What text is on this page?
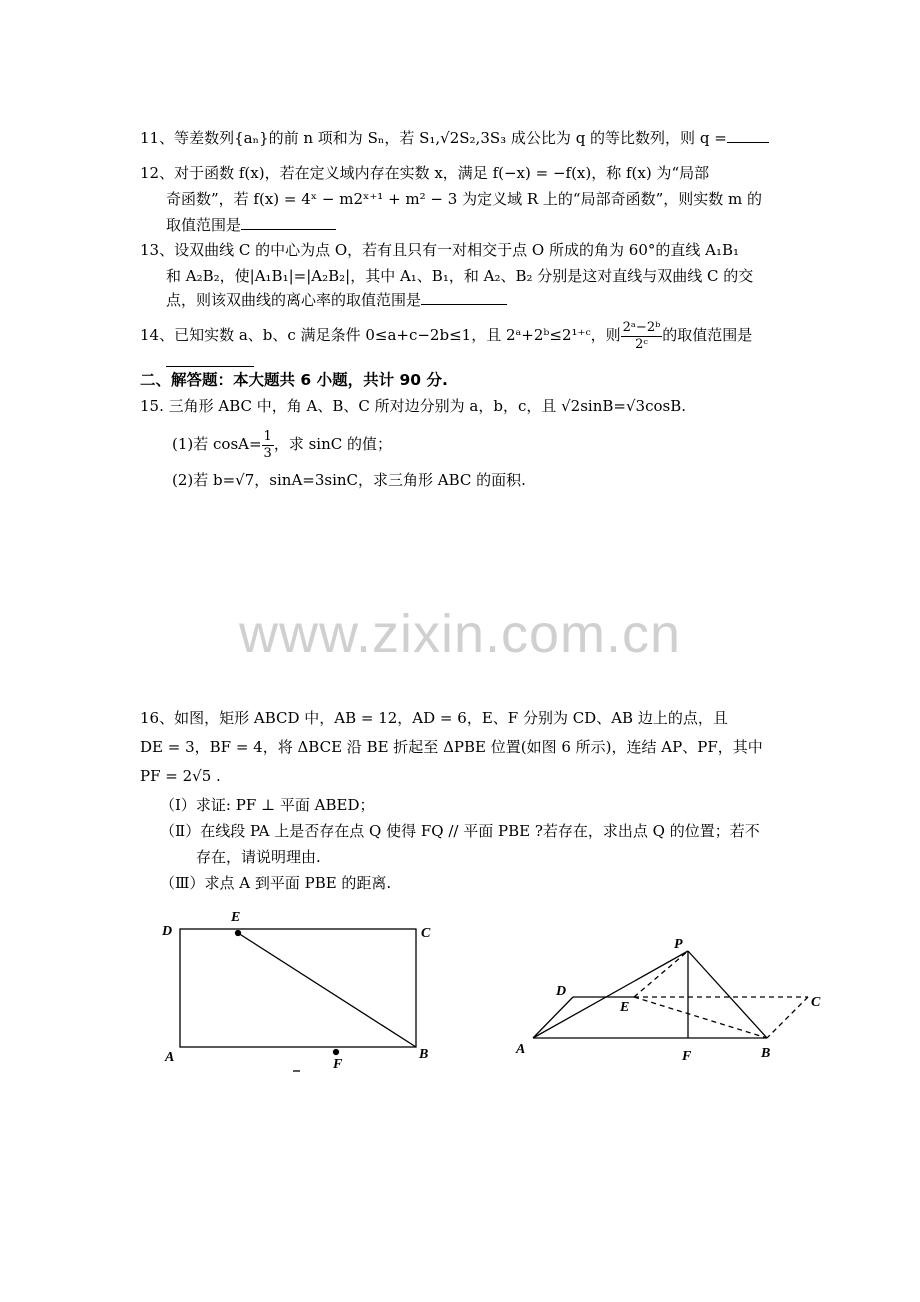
11、等差数列{aₙ}的前 n 项和为 Sₙ，若 S₁,√2S₂,3S₃ 成公比为 q 的等比数列，则 q =
12、对于函数 f(x)，若在定义域内存在实数 x，满足 f(−x) = −f(x)，称 f(x) 为“局部
奇函数”，若 f(x) = 4ˣ − m2ˣ⁺¹ + m² − 3 为定义域 R 上的“局部奇函数”，则实数 m 的
取值范围是
13、设双曲线 C 的中心为点 O，若有且只有一对相交于点 O 所成的角为 60°的直线 A₁B₁
和 A₂B₂，使|A₁B₁|=|A₂B₂|，其中 A₁、B₁，和 A₂、B₂ 分别是这对直线与双曲线 C 的交
点，则该双曲线的离心率的取值范围是
14、已知实数 a、b、c 满足条件 0≤a+c−2b≤1，且 2ᵃ+2ᵇ≤2¹⁺ᶜ，则 $\frac{\text{2ᵃ−2ᵇ}}{\text{2ᶜ}}$ 的取值范围是
二、解答题：本大题共 6 小题，共计 90 分.
15. 三角形 ABC 中，角 A、B、C 所对边分别为 a，b，c，且 √2sinB=√3cosB.
(1)若 $\cos A= \frac{1}{3}$ ，求 sinC 的值；
(2)若 b=√7，sinA=3sinC，求三角形 ABC 的面积.
www.zixin.com.cn
16、如图，矩形 ABCD 中，AB = 12，AD = 6，E、F 分别为 CD、AB 边上的点，且
DE = 3，BF = 4，将 ΔBCE 沿 BE 折起至 ΔPBE 位置(如图 6 所示)，连结 AP、PF，其中
PF = 2√5 .
（Ⅰ）求证: PF ⊥ 平面 ABED；
（Ⅱ）在线段 PA 上是否存在点 Q 使得 FQ // 平面 PBE ?若存在，求出点 Q 的位置；若不
存在，请说明理由.
（Ⅲ）求点 A 到平面 PBE 的距离.
D	C
A	B
E
F
P
D
E	C
A	F	B
